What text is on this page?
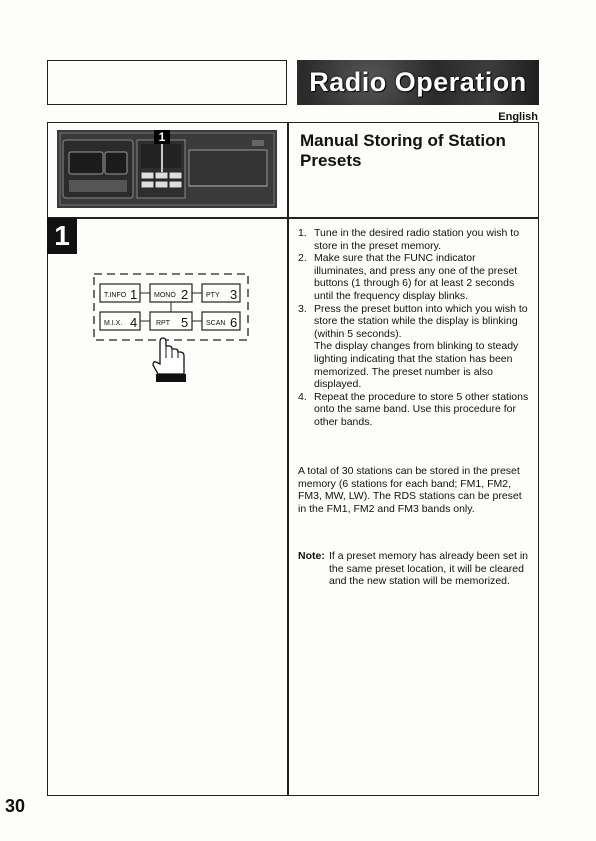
Radio Operation
English
1	Manual Storing of Station Presets
1
T.INFO 1 MONO 2	PTY 3
M.I.X. 4	RPT 5	SCAN 6
1. Tune in the desired radio station you wish to store in the preset memory.
2. Make sure that the FUNC indicator illuminates, and press any one of the preset buttons (1 through 6) for at least 2 seconds until the frequency display blinks.
3. Press the preset button into which you wish to store the station while the display is blinking (within 5 seconds).
The display changes from blinking to steady lighting indicating that the station has been memorized. The preset number is also displayed.
4. Repeat the procedure to store 5 other stations onto the same band. Use this procedure for other bands.

A total of 30 stations can be stored in the preset memory (6 stations for each band; FM1, FM2, FM3, MW, LW). The RDS stations can be preset in the FM1, FM2 and FM3 bands only.

Note: If a preset memory has already been set in the same preset location, it will be cleared and the new station will be memorized.
30
